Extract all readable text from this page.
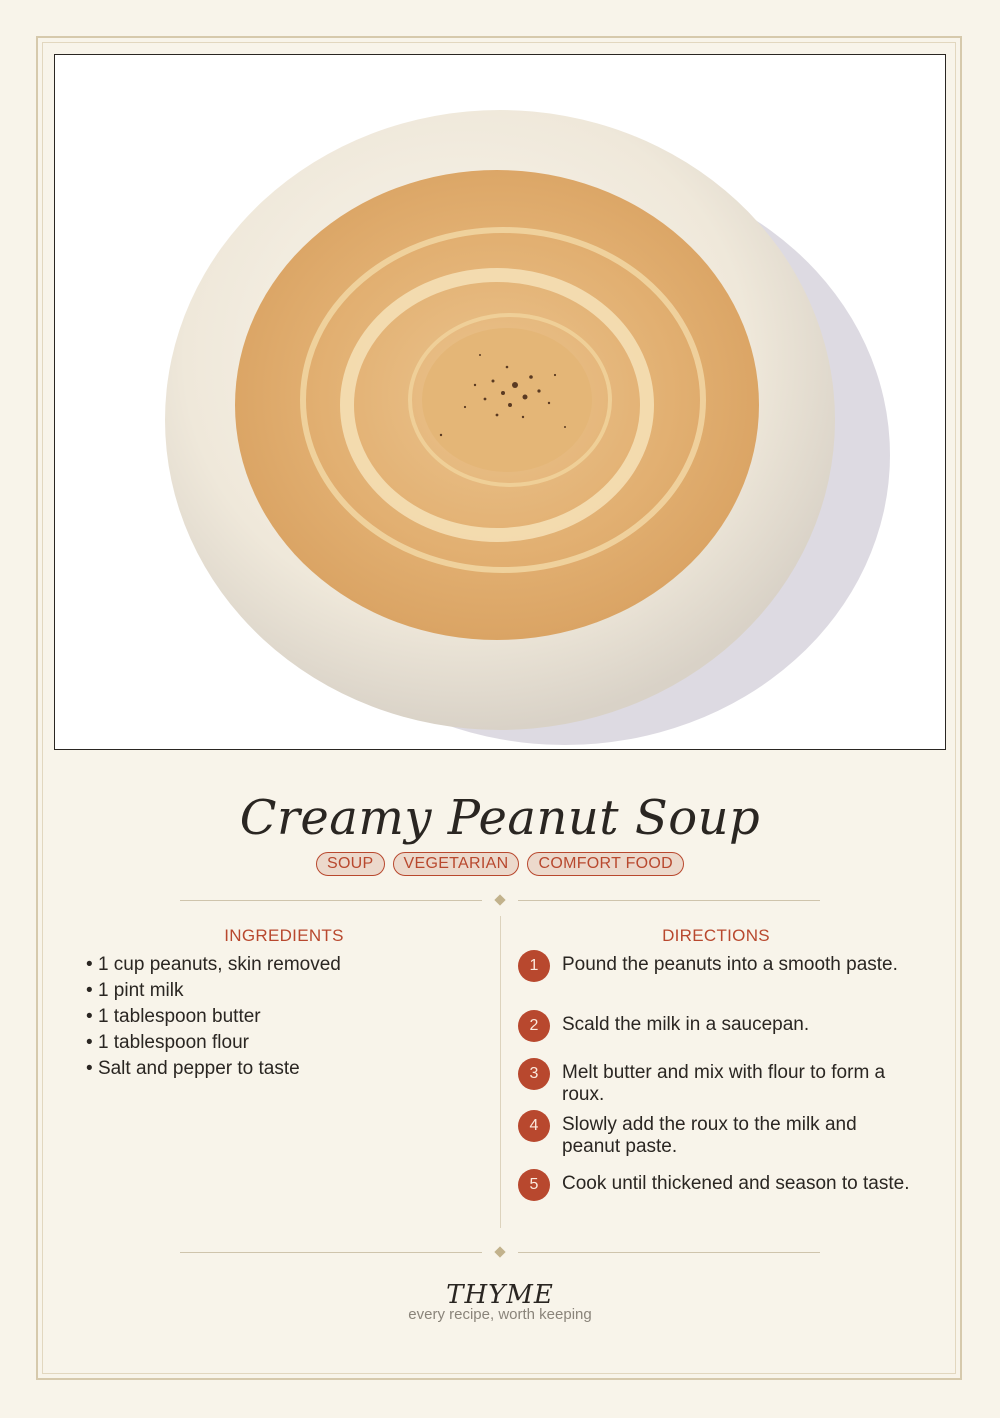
Creamy Peanut Soup
SOUP	VEGETARIAN	COMFORT FOOD
INGREDIENTS	DIRECTIONS
• 1 cup peanuts, skin removed
• 1 pint milk
• 1 tablespoon butter
• 1 tablespoon flour
• Salt and pepper to taste
1	Pound the peanuts into a smooth paste.
2	Scald the milk in a saucepan.
3	Melt butter and mix with flour to form a roux.
4	Slowly add the roux to the milk and peanut paste.
5	Cook until thickened and season to taste.
THYME
every recipe, worth keeping
